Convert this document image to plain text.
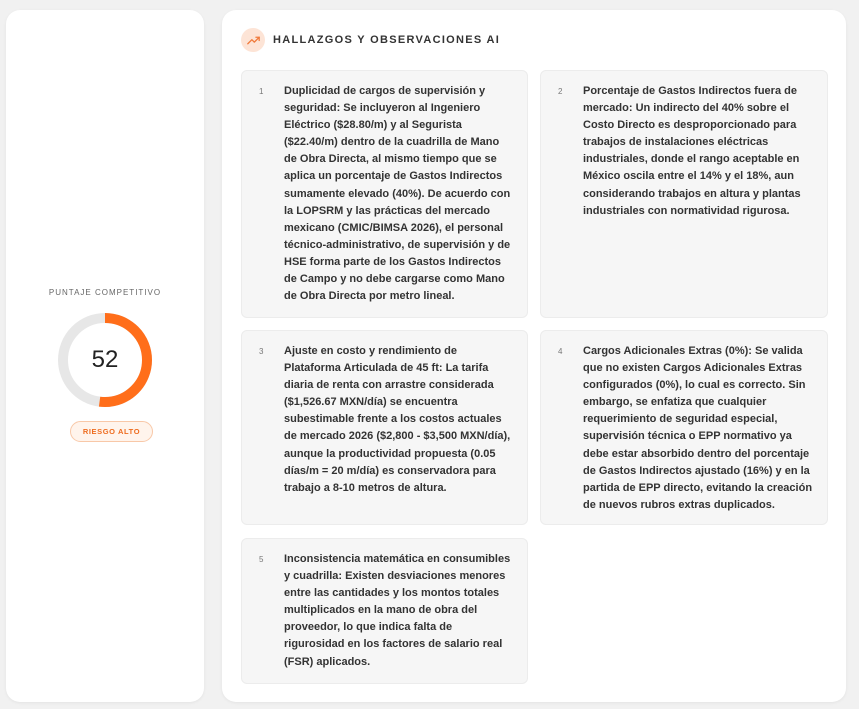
PUNTAJE COMPETITIVO
52
RIESGO ALTO
HALLAZGOS Y OBSERVACIONES AI
1 Duplicidad de cargos de supervisión y seguridad: Se incluyeron al Ingeniero Eléctrico ($28.80/m) y al Segurista ($22.40/m) dentro de la cuadrilla de Mano de Obra Directa, al mismo tiempo que se aplica un porcentaje de Gastos Indirectos sumamente elevado (40%). De acuerdo con la LOPSRM y las prácticas del mercado mexicano (CMIC/BIMSA 2026), el personal técnico-administrativo, de supervisión y de HSE forma parte de los Gastos Indirectos de Campo y no debe cargarse como Mano de Obra Directa por metro lineal.

2 Porcentaje de Gastos Indirectos fuera de mercado: Un indirecto del 40% sobre el Costo Directo es desproporcionado para trabajos de instalaciones eléctricas industriales, donde el rango aceptable en México oscila entre el 14% y el 18%, aun considerando trabajos en altura y plantas industriales con normatividad rigurosa.

3 Ajuste en costo y rendimiento de Plataforma Articulada de 45 ft: La tarifa diaria de renta con arrastre considerada ($1,526.67 MXN/día) se encuentra subestimable frente a los costos actuales de mercado 2026 ($2,800 - $3,500 MXN/día), aunque la productividad propuesta (0.05 días/m = 20 m/día) es conservadora para trabajo a 8-10 metros de altura.

4 Cargos Adicionales Extras (0%): Se valida que no existen Cargos Adicionales Extras configurados (0%), lo cual es correcto. Sin embargo, se enfatiza que cualquier requerimiento de seguridad especial, supervisión técnica o EPP normativo ya debe estar absorbido dentro del porcentaje de Gastos Indirectos ajustado (16%) y en la partida de EPP directo, evitando la creación de nuevos rubros extras duplicados.

5 Inconsistencia matemática en consumibles y cuadrilla: Existen desviaciones menores entre las cantidades y los montos totales multiplicados en la mano de obra del proveedor, lo que indica falta de rigurosidad en los factores de salario real (FSR) aplicados.
